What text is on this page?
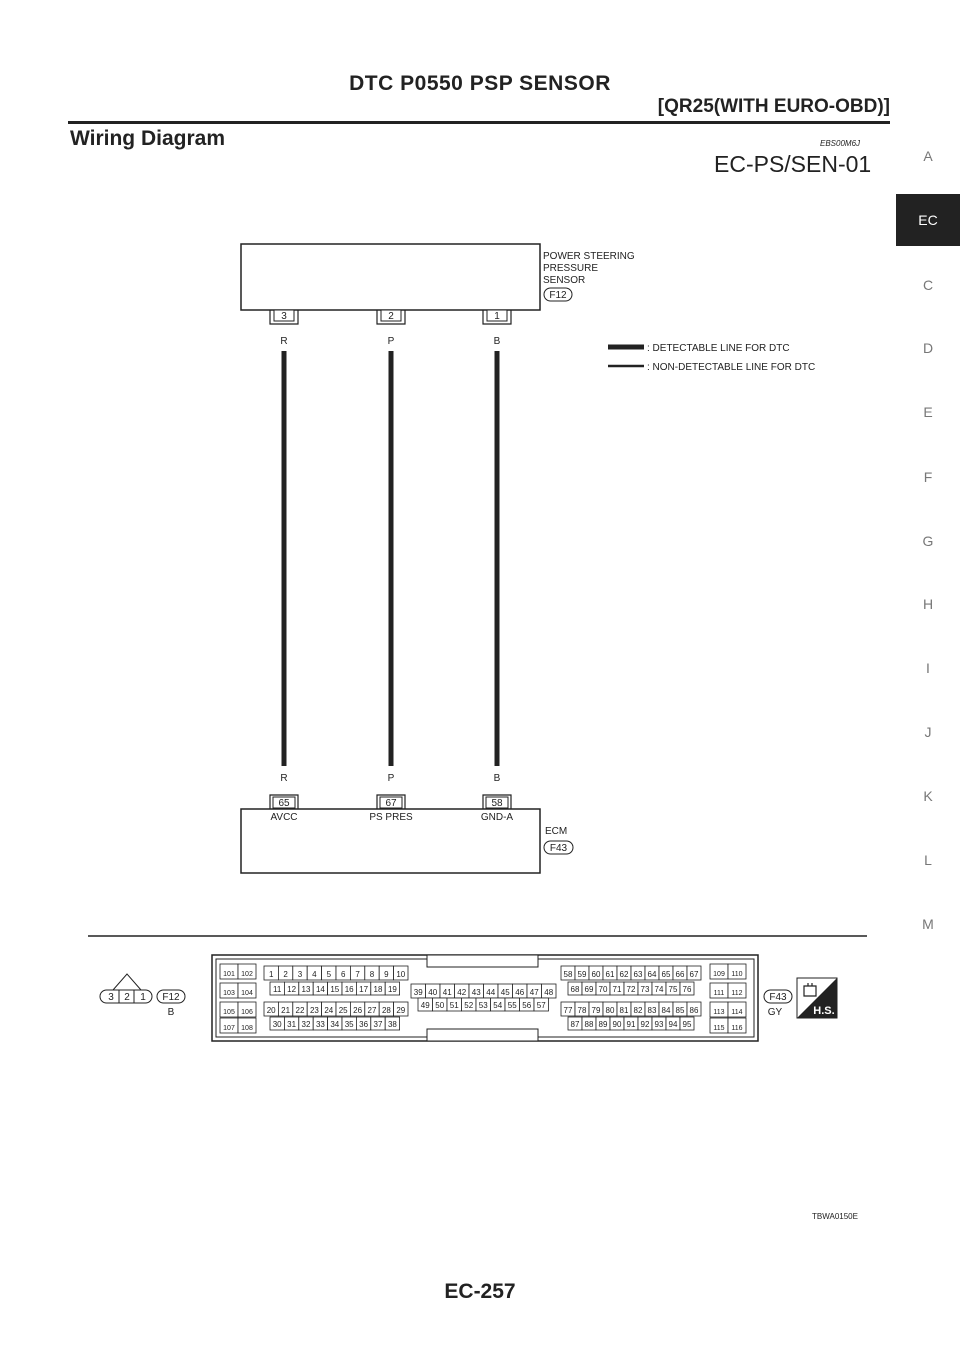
DTC P0550 PSP SENSOR
[QR25(WITH EURO-OBD)]
Wiring Diagram	EBS00M6J
EC-PS/SEN-01	A
EC
C
D
E
F
G
H
I
J
K
L
M
POWER STEERING
PRESSURE
SENSOR
F12
3	2	1
R	P	B
R	P	B
65	67	58
AVCC	PS PRES	GND-A
ECM
F43
: DETECTABLE LINE FOR DTC
: NON-DETECTABLE LINE FOR DTC
3 2 1 F12
B
101 102
103 104
105 106
107 108
1 2 3 4 5 6 7 8 9 10
11 12 13 14 15 16 17 18 19
20 21 22 23 24 25 26 27 28 29
30 31 32 33 34 35 36 37 38
39 40 41 42 43 44 45 46 47 48
49 50 51 52 53 54 55 56 57
58 59 60 61 62 63 64 65 66 67
68 69 70 71 72 73 74 75 76
77 78 79 80 81 82 83 84 85 86
87 88 89 90 91 92 93 94 95
109 110
111 112
113 114
115 116
F43
GY	H.S.
TBWA0150E
EC-257
